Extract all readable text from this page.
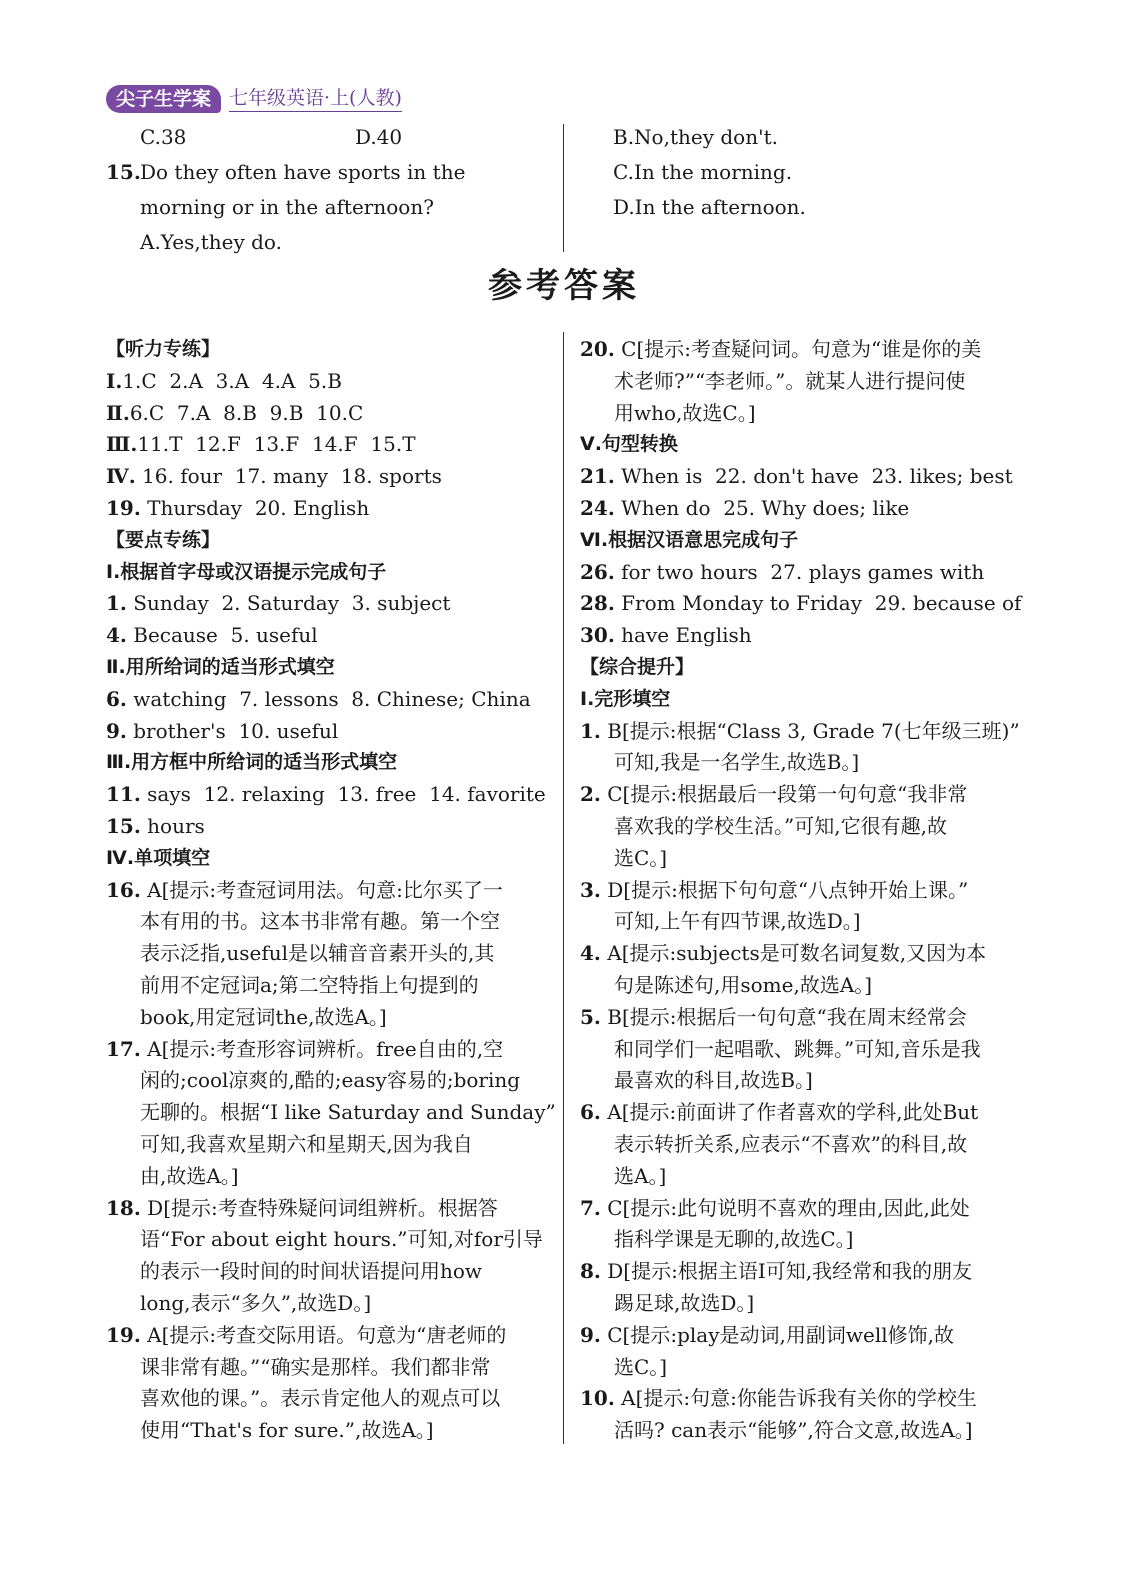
尖子生学案 七年级英语·上(人教)
C.38	D.40
15. Do they often have sports in the
morning or in the afternoon?
A.Yes,they do.
B.No,they don't.
C.In the morning.
D.In the afternoon.
参考答案
【听力专练】
Ⅰ.1.C  2.A  3.A  4.A  5.B
Ⅱ.6.C  7.A  8.B  9.B  10.C
Ⅲ.11.T  12.F  13.F  14.F  15.T
Ⅳ. 16. four  17. many  18. sports
19. Thursday  20. English
【要点专练】
Ⅰ.根据首字母或汉语提示完成句子
1. Sunday  2. Saturday  3. subject
4. Because  5. useful
Ⅱ.用所给词的适当形式填空
6. watching  7. lessons  8. Chinese; China
9. brother's  10. useful
Ⅲ.用方框中所给词的适当形式填空
11. says  12. relaxing  13. free  14. favorite
15. hours
Ⅳ.单项填空
16. A[提示:考查冠词用法。句意:比尔买了一
本有用的书。这本书非常有趣。第一个空
表示泛指,useful是以辅音音素开头的,其
前用不定冠词a;第二空特指上句提到的
book,用定冠词the,故选A。]
17. A[提示:考查形容词辨析。free自由的,空
闲的;cool凉爽的,酷的;easy容易的;boring
无聊的。根据“I like Saturday and Sunday”
可知,我喜欢星期六和星期天,因为我自
由,故选A。]
18. D[提示:考查特殊疑问词组辨析。根据答
语“For about eight hours.”可知,对for引导
的表示一段时间的时间状语提问用how
long,表示“多久”,故选D。]
19. A[提示:考查交际用语。句意为“唐老师的
课非常有趣。”“确实是那样。我们都非常
喜欢他的课。”。表示肯定他人的观点可以
使用“That's for sure.”,故选A。]
20. C[提示:考查疑问词。句意为“谁是你的美
术老师?”“李老师。”。就某人进行提问使
用who,故选C。]
Ⅴ.句型转换
21. When is  22. don't have  23. likes; best
24. When do  25. Why does; like
Ⅵ.根据汉语意思完成句子
26. for two hours  27. plays games with
28. From Monday to Friday  29. because of
30. have English
【综合提升】
Ⅰ.完形填空
1. B[提示:根据“Class 3, Grade 7(七年级三班)”
可知,我是一名学生,故选B。]
2. C[提示:根据最后一段第一句句意“我非常
喜欢我的学校生活。”可知,它很有趣,故
选C。]
3. D[提示:根据下句句意“八点钟开始上课。”
可知,上午有四节课,故选D。]
4. A[提示:subjects是可数名词复数,又因为本
句是陈述句,用some,故选A。]
5. B[提示:根据后一句句意“我在周末经常会
和同学们一起唱歌、跳舞。”可知,音乐是我
最喜欢的科目,故选B。]
6. A[提示:前面讲了作者喜欢的学科,此处But
表示转折关系,应表示“不喜欢”的科目,故
选A。]
7. C[提示:此句说明不喜欢的理由,因此,此处
指科学课是无聊的,故选C。]
8. D[提示:根据主语I可知,我经常和我的朋友
踢足球,故选D。]
9. C[提示:play是动词,用副词well修饰,故
选C。]
10. A[提示:句意:你能告诉我有关你的学校生
活吗? can表示“能够”,符合文意,故选A。]
